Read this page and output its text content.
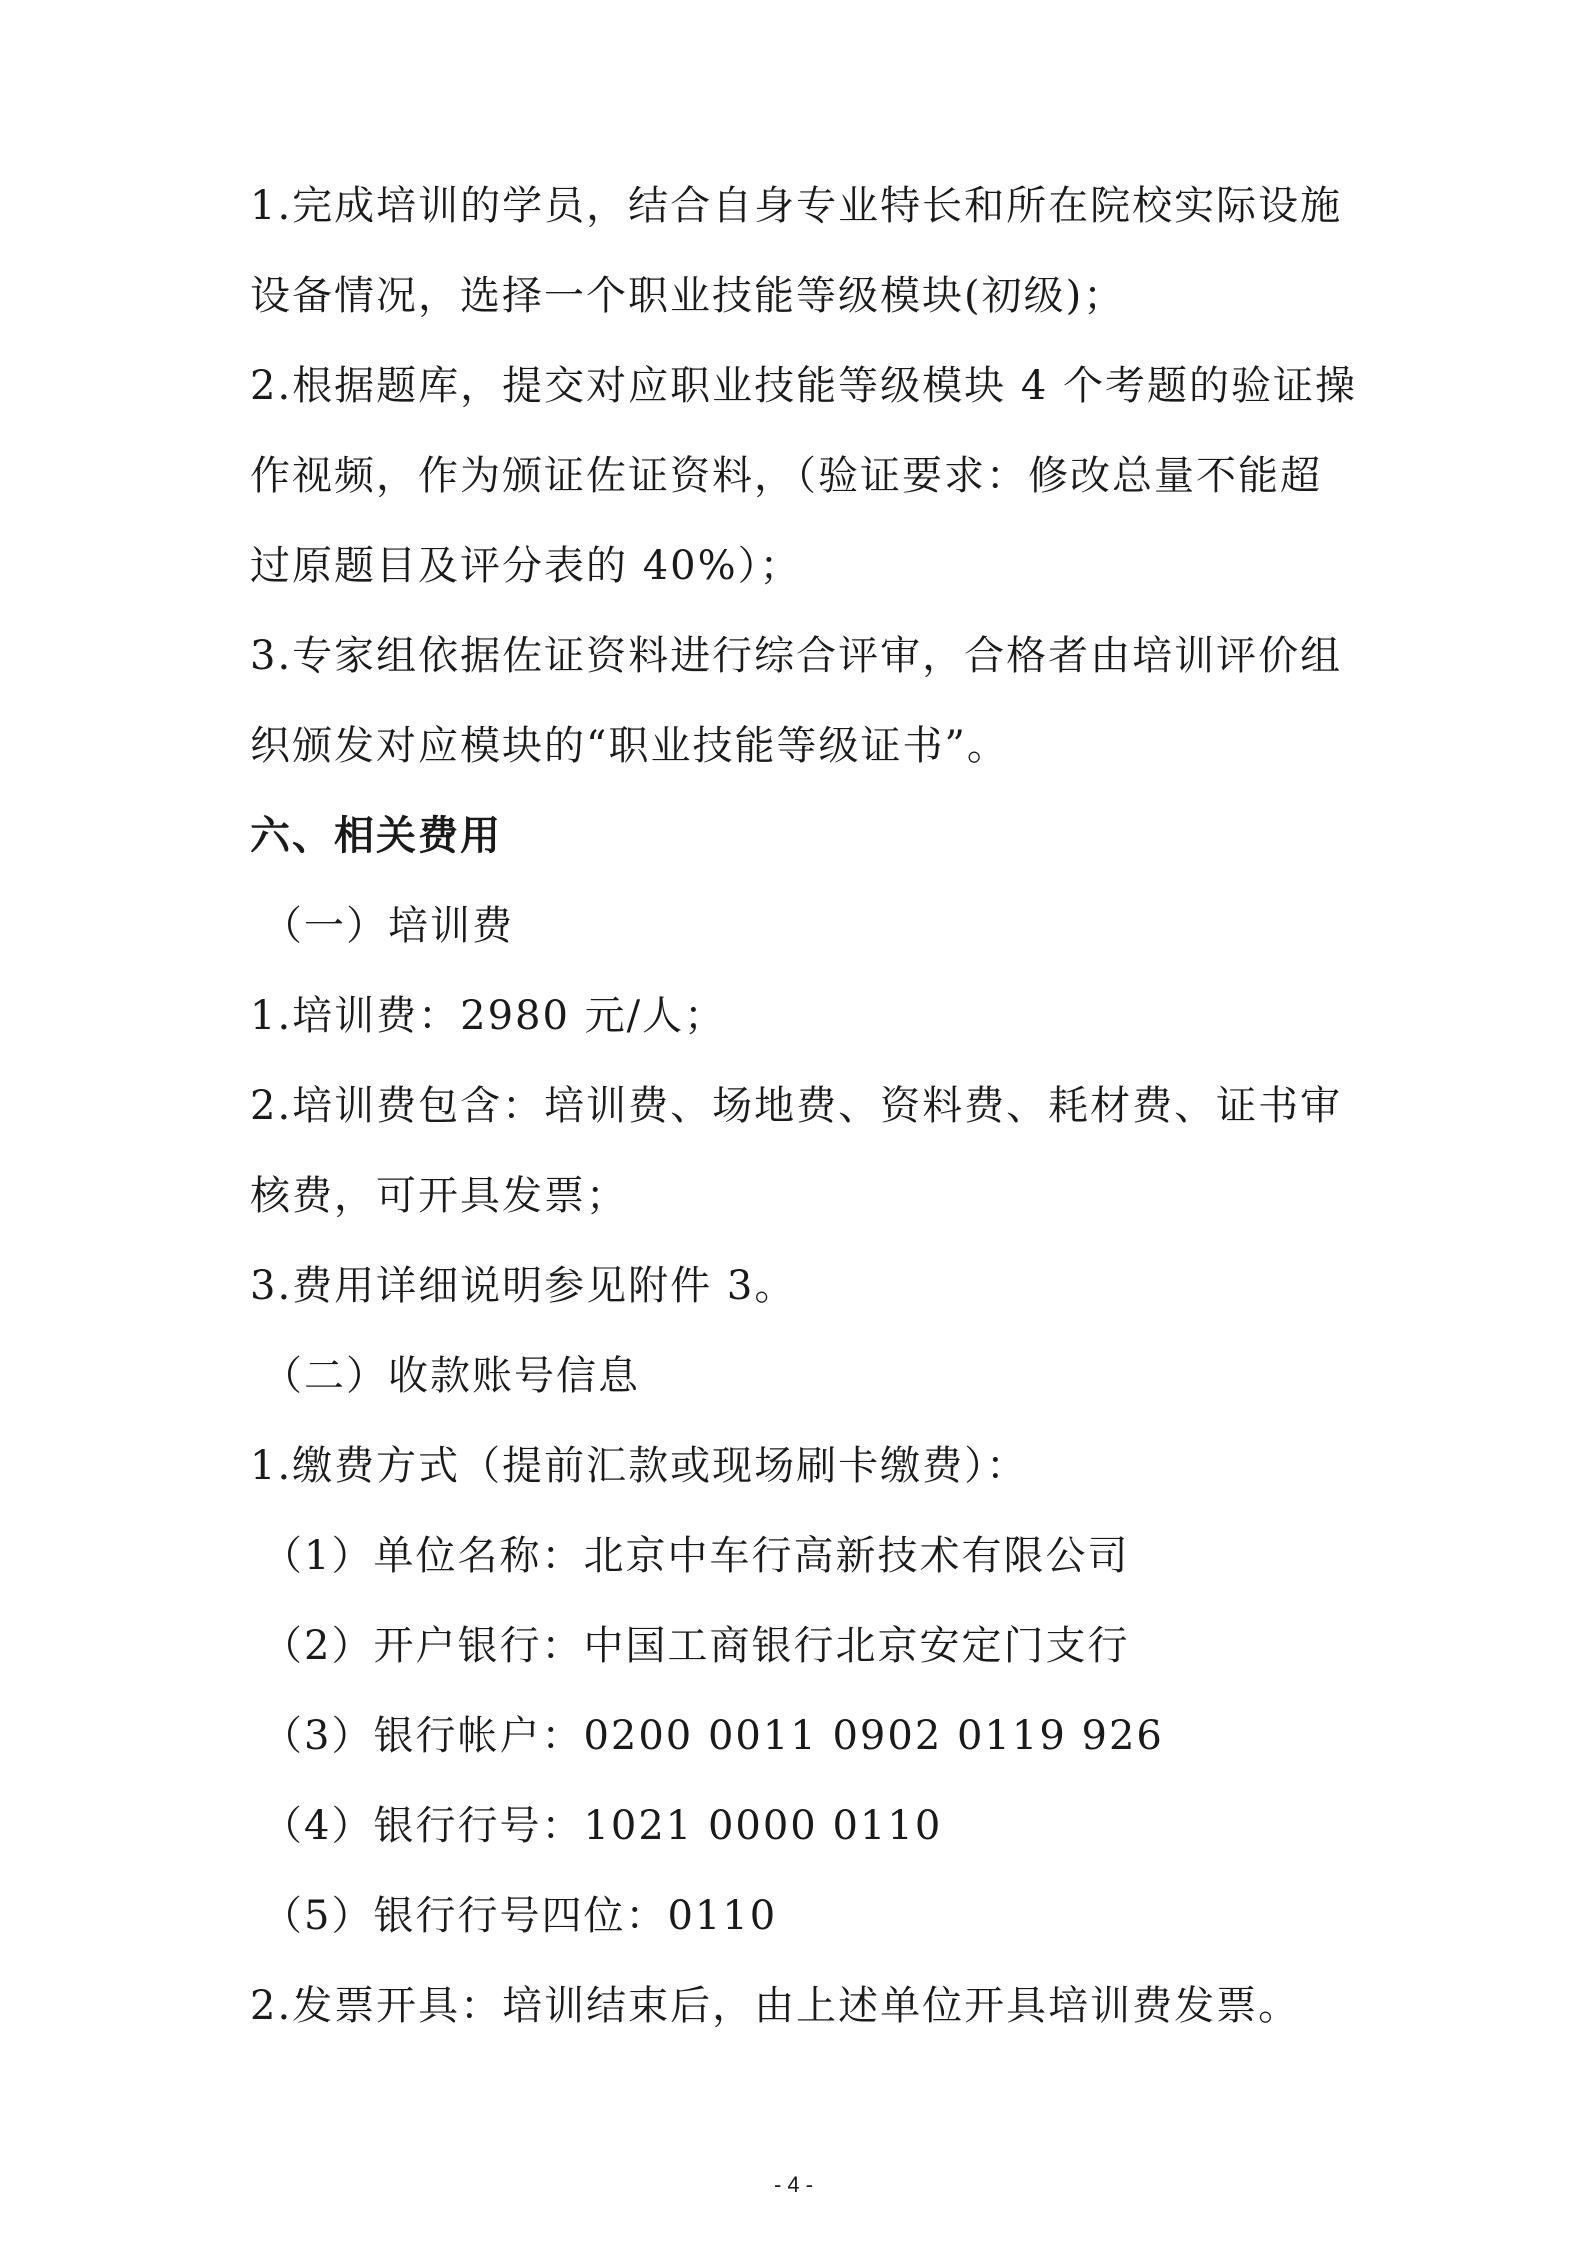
1.完成培训的学员，结合自身专业特长和所在院校实际设施
设备情况，选择一个职业技能等级模块(初级)；
2.根据题库，提交对应职业技能等级模块 4 个考题的验证操
作视频，作为颁证佐证资料，（验证要求：修改总量不能超
过原题目及评分表的 40%）；
3.专家组依据佐证资料进行综合评审，合格者由培训评价组
织颁发对应模块的“职业技能等级证书”。
六、相关费用
（一）培训费
1.培训费：2980 元/人；
2.培训费包含：培训费、场地费、资料费、耗材费、证书审
核费，可开具发票；
3.费用详细说明参见附件 3。
（二）收款账号信息
1.缴费方式（提前汇款或现场刷卡缴费）：
（1）单位名称：北京中车行高新技术有限公司
（2）开户银行：中国工商银行北京安定门支行
（3）银行帐户：0200 0011 0902 0119 926
（4）银行行号：1021 0000 0110
（5）银行行号四位：0110
2.发票开具：培训结束后，由上述单位开具培训费发票。
- 4 -
